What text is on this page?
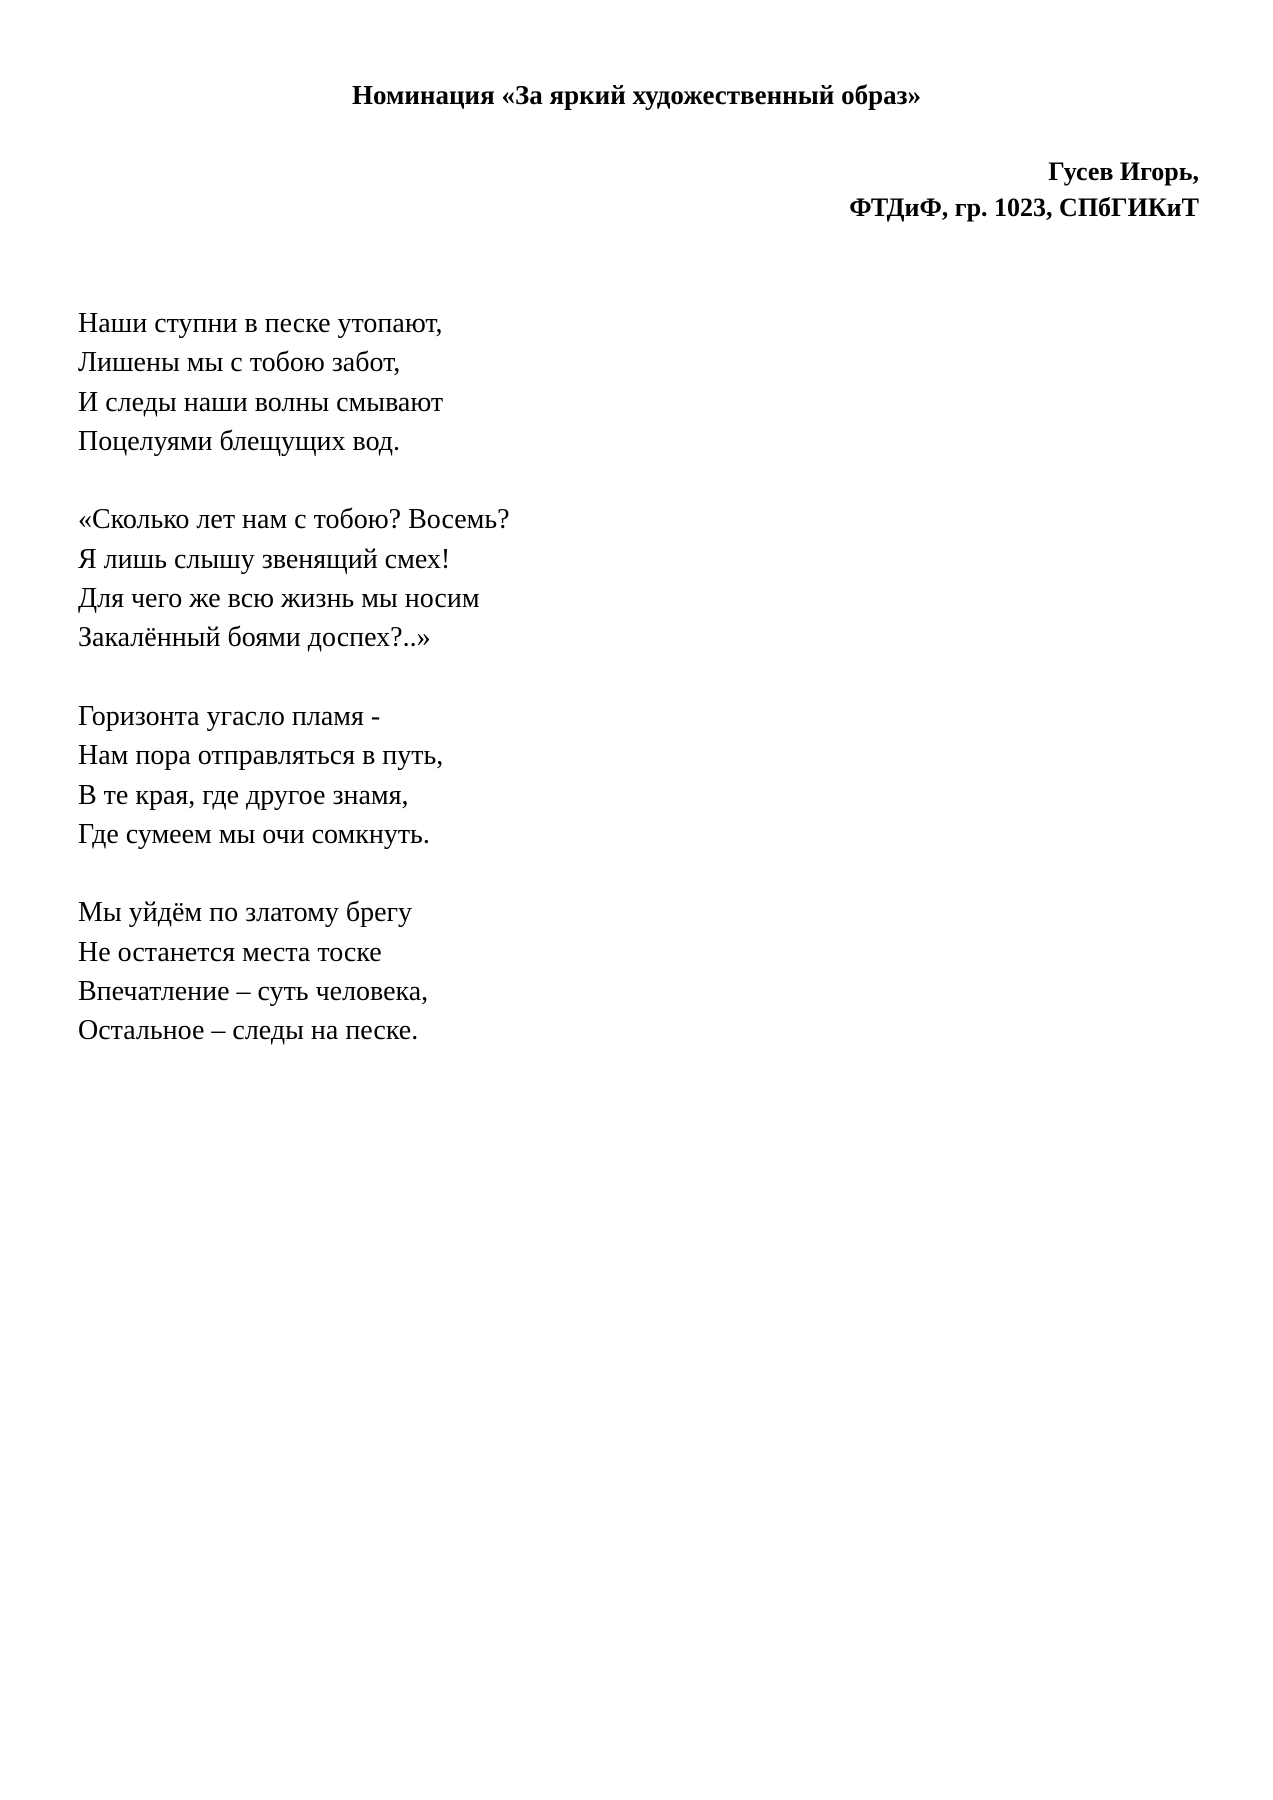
Номинация «За яркий художественный образ»
Гусев Игорь,
ФТДиФ, гр. 1023, СПбГИКиТ
Наши ступни в песке утопают,
Лишены мы с тобою забот,
И следы наши волны смывают
Поцелуями блещущих вод.
«Сколько лет нам с тобою? Восемь?
Я лишь слышу звенящий смех!
Для чего же всю жизнь мы носим
Закалённый боями доспех?..»
Горизонта угасло пламя -
Нам пора отправляться в путь,
В те края, где другое знамя,
Где сумеем мы очи сомкнуть.
Мы уйдём по златому брегу
Не останется места тоске
Впечатление – суть человека,
Остальное – следы на песке.
